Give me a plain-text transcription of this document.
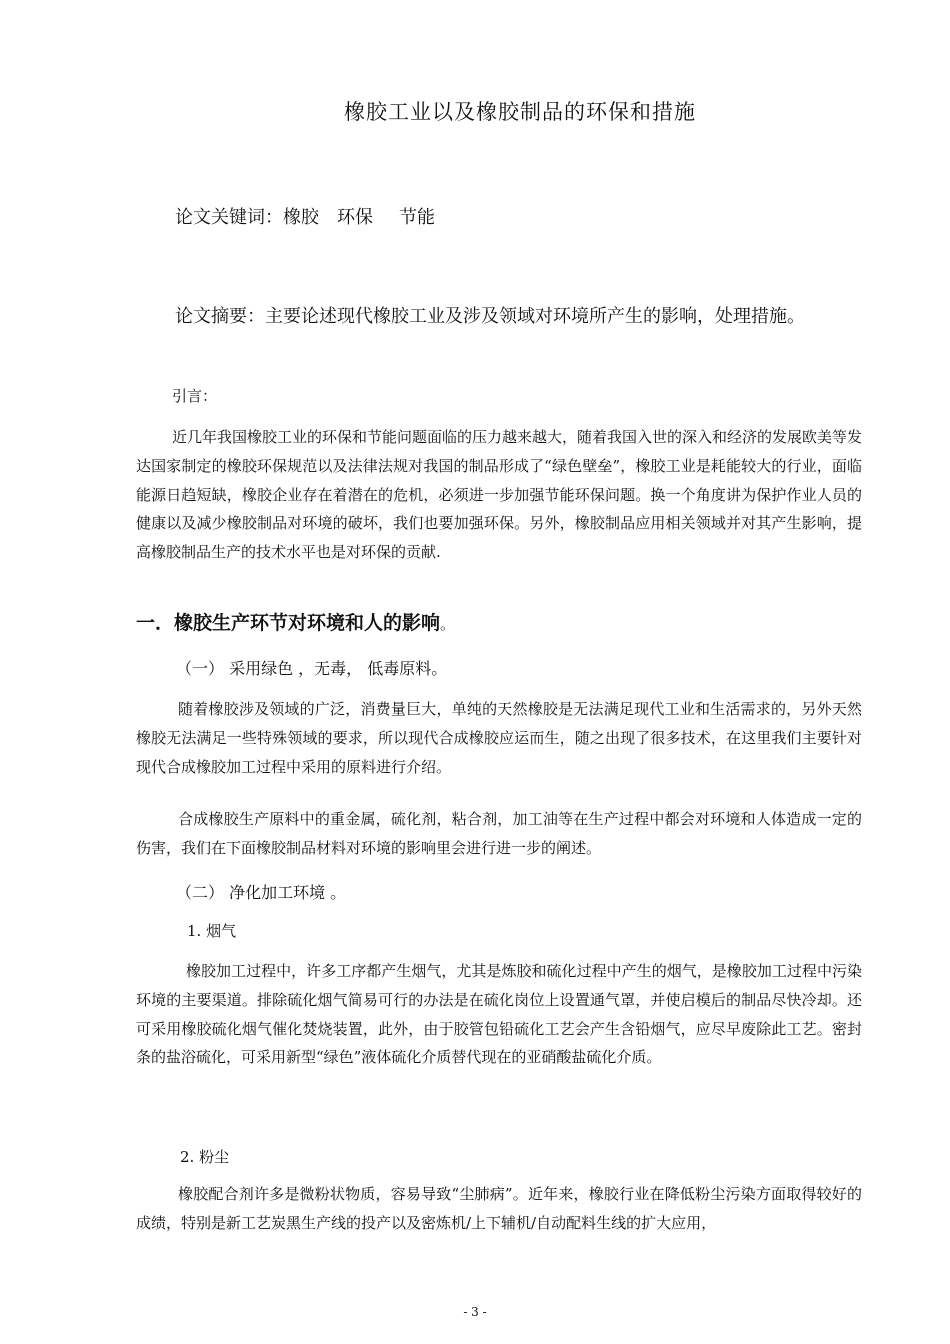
橡胶工业以及橡胶制品的环保和措施
论文关键词：橡胶 环保 节能
论文摘要：主要论述现代橡胶工业及涉及领域对环境所产生的影响，处理措施。
引言：

近几年我国橡胶工业的环保和节能问题面临的压力越来越大，随着我国入世的深入和经济的发展欧美等发达国家制定的橡胶环保规范以及法律法规对我国的制品形成了“绿色壁垒”，橡胶工业是耗能较大的行业，面临能源日趋短缺，橡胶企业存在着潜在的危机，必须进一步加强节能环保问题。换一个角度讲为保护作业人员的健康以及减少橡胶制品对环境的破坏，我们也要加强环保。另外，橡胶制品应用相关领域并对其产生影响，提高橡胶制品生产的技术水平也是对环保的贡献.

一．橡胶生产环节对环境和人的影响。
（一） 采用绿色 ，无毒， 低毒原料。

随着橡胶涉及领域的广泛，消费量巨大，单纯的天然橡胶是无法满足现代工业和生活需求的，另外天然橡胶无法满足一些特殊领域的要求，所以现代合成橡胶应运而生，随之出现了很多技术，在这里我们主要针对现代合成橡胶加工过程中采用的原料进行介绍。

合成橡胶生产原料中的重金属，硫化剂，粘合剂，加工油等在生产过程中都会对环境和人体造成一定的伤害，我们在下面橡胶制品材料对环境的影响里会进行进一步的阐述。

（二） 净化加工环境 。
1. 烟气

橡胶加工过程中，许多工序都产生烟气，尤其是炼胶和硫化过程中产生的烟气，是橡胶加工过程中污染环境的主要渠道。排除硫化烟气简易可行的办法是在硫化岗位上设置通气罩，并使启模后的制品尽快冷却。还可采用橡胶硫化烟气催化焚烧装置，此外，由于胶管包铅硫化工艺会产生含铅烟气，应尽早废除此工艺。密封条的盐浴硫化，可采用新型“绿色”液体硫化介质替代现在的亚硝酸盐硫化介质。

2. 粉尘

橡胶配合剂许多是微粉状物质，容易导致“尘肺病”。近年来，橡胶行业在降低粉尘污染方面取得较好的成绩，特别是新工艺炭黑生产线的投产以及密炼机/上下辅机/自动配料生线的扩大应用，

- 3 -
